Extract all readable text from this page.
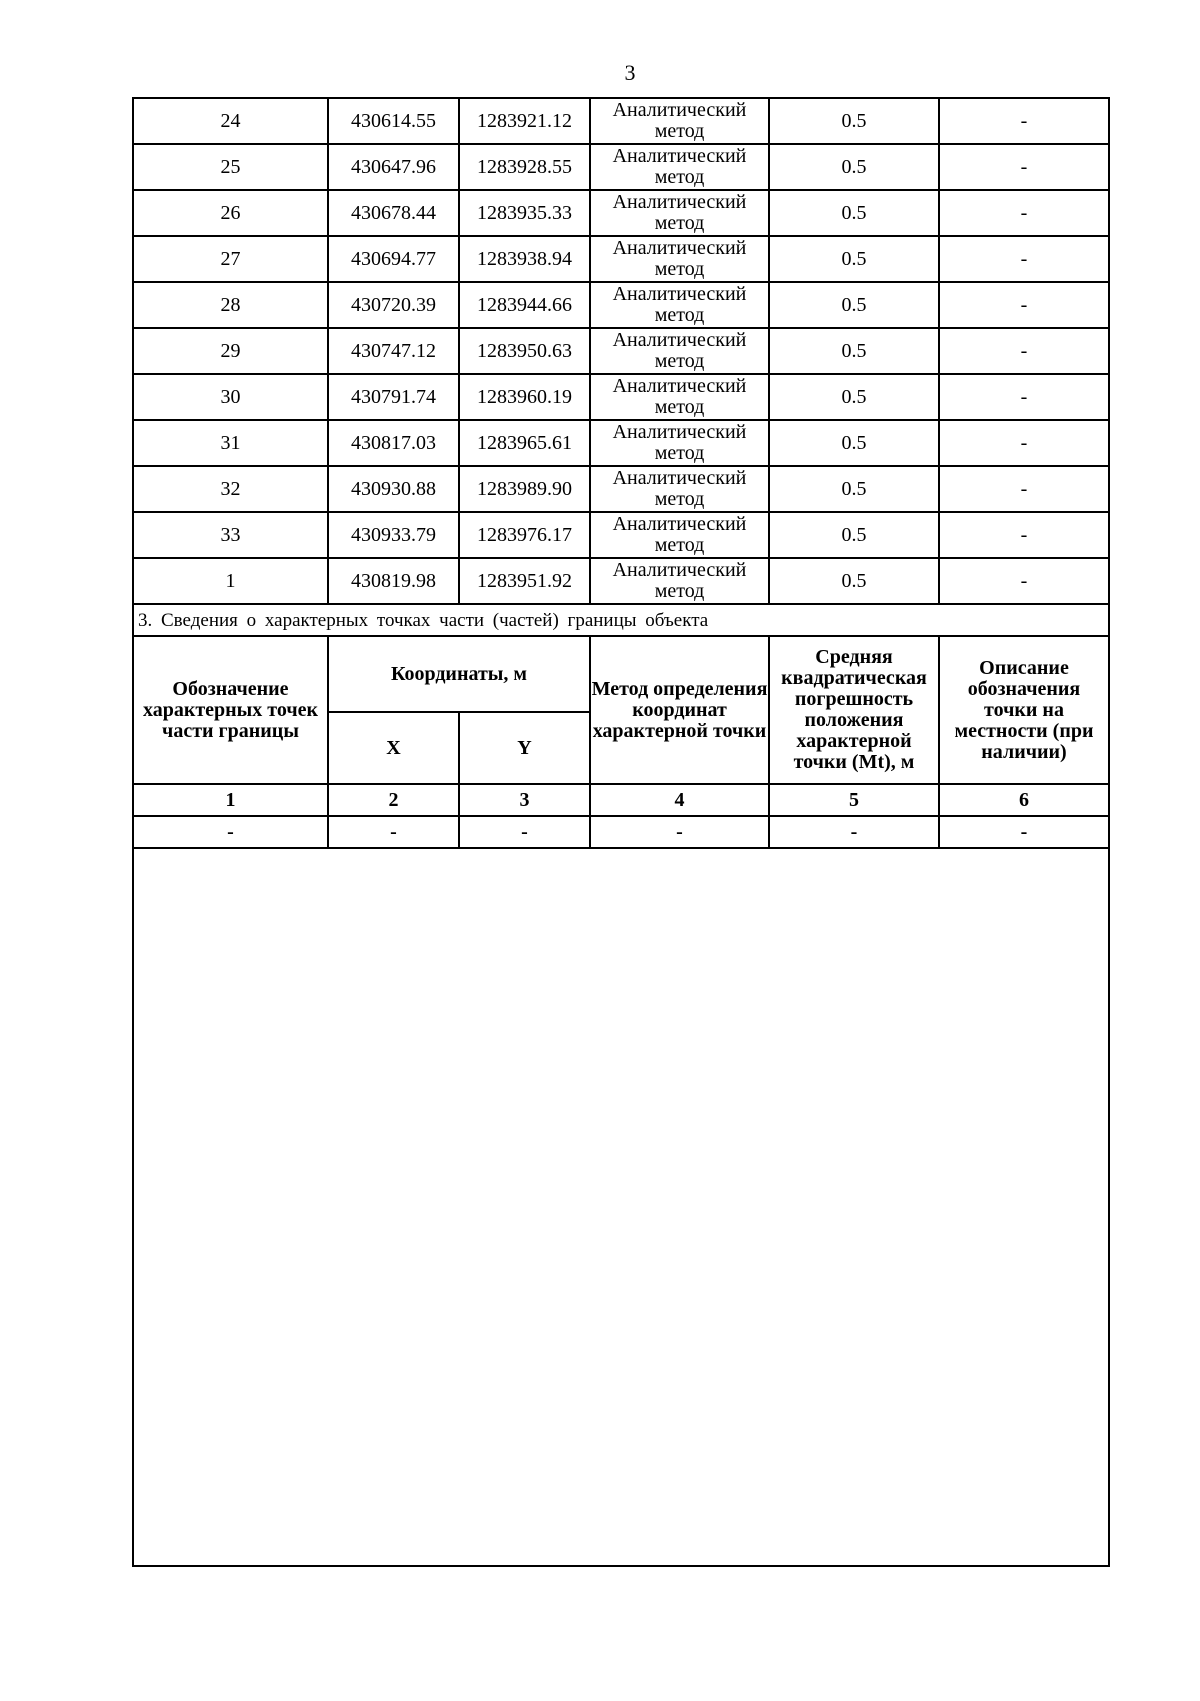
3
24	430614.55	1283921.12	Аналитический метод	0.5	-
25	430647.96	1283928.55	Аналитический метод	0.5	-
26	430678.44	1283935.33	Аналитический метод	0.5	-
27	430694.77	1283938.94	Аналитический метод	0.5	-
28	430720.39	1283944.66	Аналитический метод	0.5	-
29	430747.12	1283950.63	Аналитический метод	0.5	-
30	430791.74	1283960.19	Аналитический метод	0.5	-
31	430817.03	1283965.61	Аналитический метод	0.5	-
32	430930.88	1283989.90	Аналитический метод	0.5	-
33	430933.79	1283976.17	Аналитический метод	0.5	-
1	430819.98	1283951.92	Аналитический метод	0.5	-
3. Сведения о характерных точках части (частей) границы объекта					
Обозначение характерных точек части границы	Координаты, м		Метод определения координат характерной точки	Средняя квадратическая погрешность положения характерной точки (Mt), м	Описание обозначения точки на местности (при наличии)
	X	Y			
1	2	3	4	5	6
-	-	-	-	-	-
